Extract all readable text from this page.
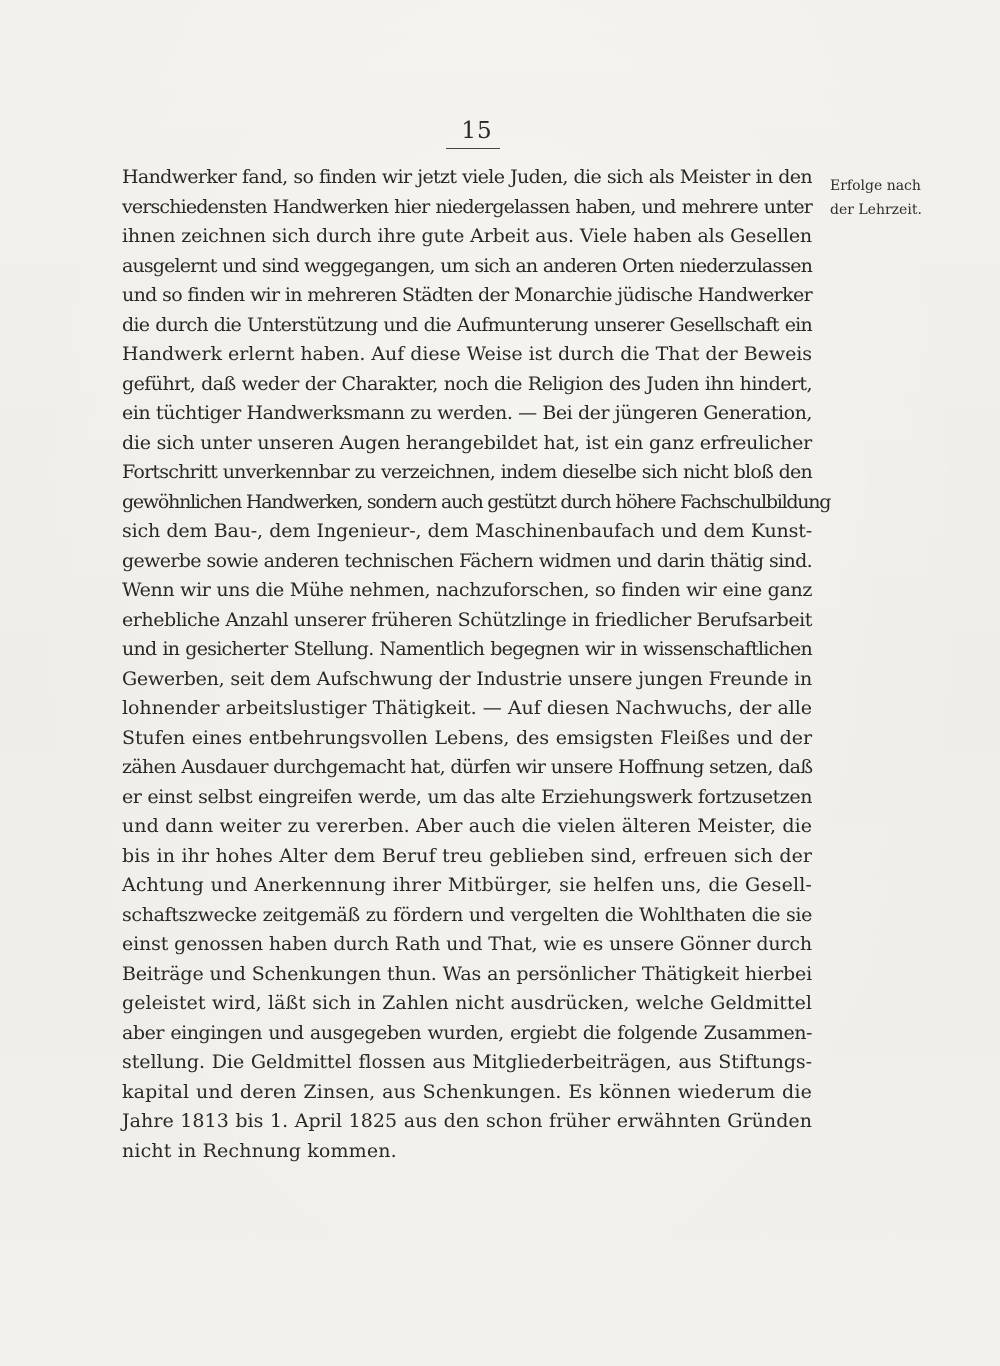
15
Handwerker fand, so finden wir jetzt viele Juden, die sich als Meister in den
verschiedensten Handwerken hier niedergelassen haben, und mehrere unter
ihnen zeichnen sich durch ihre gute Arbeit aus. Viele haben als Gesellen
ausgelernt und sind weggegangen, um sich an anderen Orten niederzulassen
und so finden wir in mehreren Städten der Monarchie jüdische Handwerker
die durch die Unterstützung und die Aufmunterung unserer Gesellschaft ein
Handwerk erlernt haben. Auf diese Weise ist durch die That der Beweis
geführt, daß weder der Charakter, noch die Religion des Juden ihn hindert,
ein tüchtiger Handwerksmann zu werden. — Bei der jüngeren Generation,
die sich unter unseren Augen herangebildet hat, ist ein ganz erfreulicher
Fortschritt unverkennbar zu verzeichnen, indem dieselbe sich nicht bloß den
gewöhnlichen Handwerken, sondern auch gestützt durch höhere Fachschulbildung
sich dem Bau-, dem Ingenieur-, dem Maschinenbaufach und dem Kunst-
gewerbe sowie anderen technischen Fächern widmen und darin thätig sind.
Wenn wir uns die Mühe nehmen, nachzuforschen, so finden wir eine ganz
erhebliche Anzahl unserer früheren Schützlinge in friedlicher Berufsarbeit
und in gesicherter Stellung. Namentlich begegnen wir in wissenschaftlichen
Gewerben, seit dem Aufschwung der Industrie unsere jungen Freunde in
lohnender arbeitslustiger Thätigkeit. — Auf diesen Nachwuchs, der alle
Stufen eines entbehrungsvollen Lebens, des emsigsten Fleißes und der
zähen Ausdauer durchgemacht hat, dürfen wir unsere Hoffnung setzen, daß
er einst selbst eingreifen werde, um das alte Erziehungswerk fortzusetzen
und dann weiter zu vererben. Aber auch die vielen älteren Meister, die
bis in ihr hohes Alter dem Beruf treu geblieben sind, erfreuen sich der
Achtung und Anerkennung ihrer Mitbürger, sie helfen uns, die Gesell-
schaftszwecke zeitgemäß zu fördern und vergelten die Wohlthaten die sie
einst genossen haben durch Rath und That, wie es unsere Gönner durch
Beiträge und Schenkungen thun. Was an persönlicher Thätigkeit hierbei
geleistet wird, läßt sich in Zahlen nicht ausdrücken, welche Geldmittel
aber eingingen und ausgegeben wurden, ergiebt die folgende Zusammen-
stellung. Die Geldmittel flossen aus Mitgliederbeiträgen, aus Stiftungs-
kapital und deren Zinsen, aus Schenkungen. Es können wiederum die
Jahre 1813 bis 1. April 1825 aus den schon früher erwähnten Gründen
nicht in Rechnung kommen.
Erfolge nach
der Lehrzeit.
